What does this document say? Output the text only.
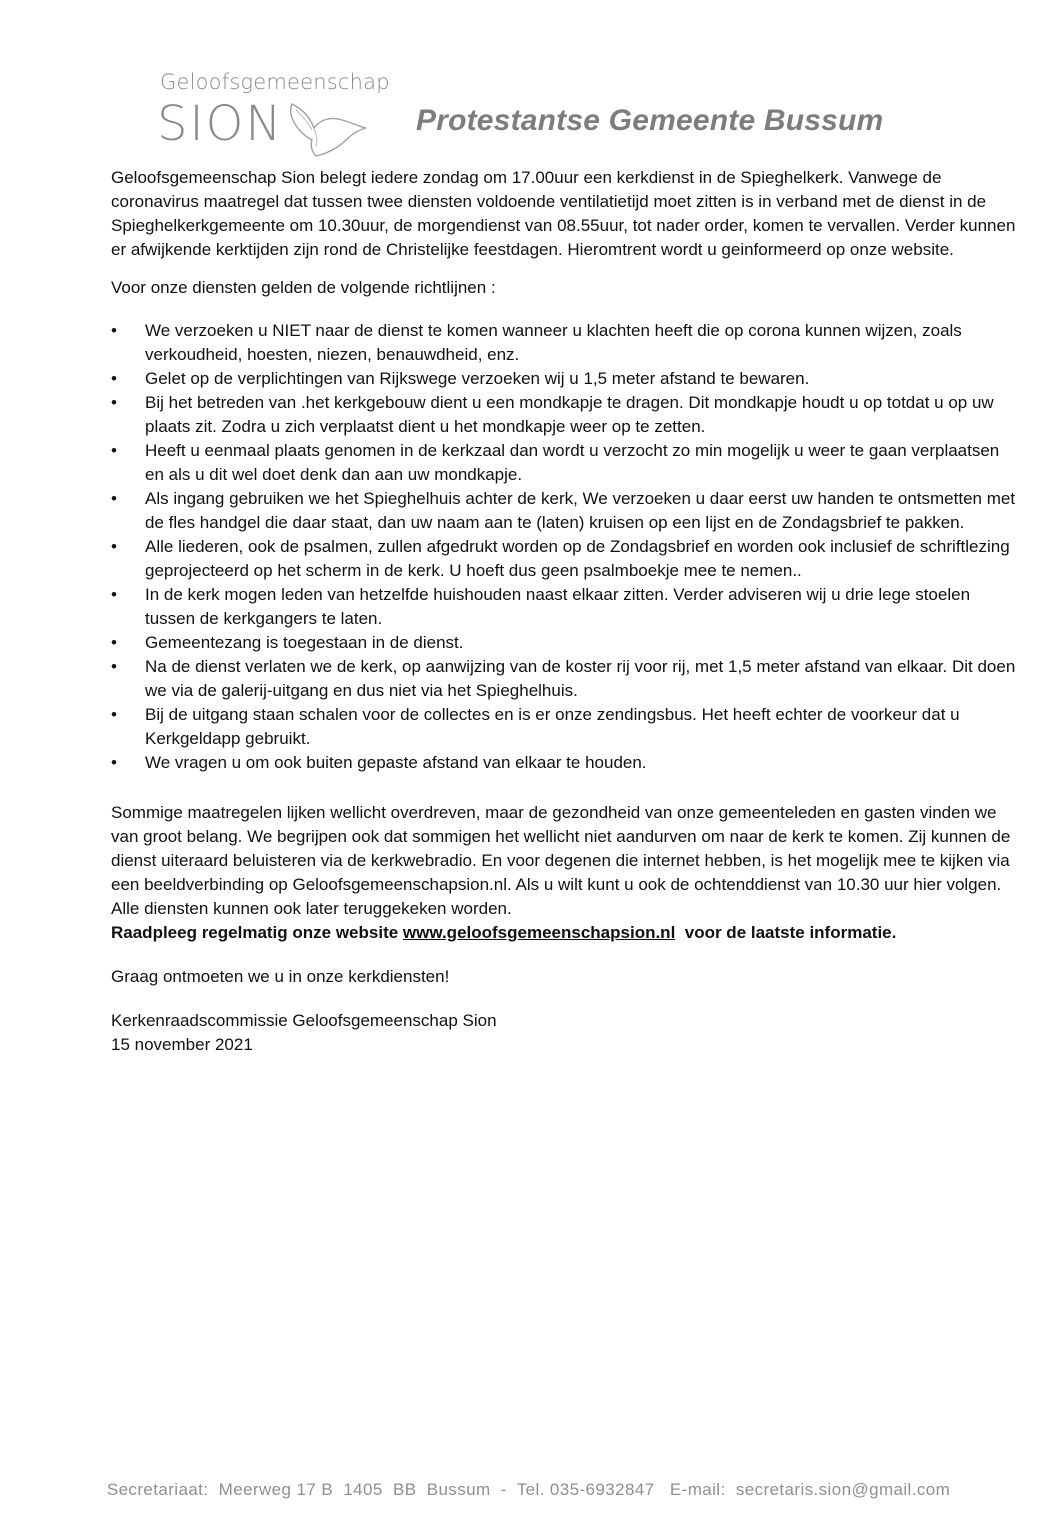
Geloofsgemeenschap
SION	Protestantse Gemeente Bussum

Geloofsgemeenschap Sion belegt iedere zondag om 17.00uur een kerkdienst in de Spieghelkerk. Vanwege de coronavirus maatregel dat tussen twee diensten voldoende ventilatietijd moet zitten is in verband met de dienst in de Spieghelkerkgemeente om 10.30uur, de morgendienst van 08.55uur, tot nader order, komen te vervallen. Verder kunnen er afwijkende kerktijden zijn rond de Christelijke feestdagen. Hieromtrent wordt u geinformeerd op onze website.

Voor onze diensten gelden de volgende richtlijnen :

•	We verzoeken u NIET naar de dienst te komen wanneer u klachten heeft die op corona kunnen wijzen, zoals verkoudheid, hoesten, niezen, benauwdheid, enz.
•	Gelet op de verplichtingen van Rijkswege verzoeken wij u 1,5 meter afstand te bewaren.
•	Bij het betreden van .het kerkgebouw dient u een mondkapje te dragen. Dit mondkapje houdt u op totdat u op uw plaats zit. Zodra u zich verplaatst dient u het mondkapje weer op te zetten.
•	Heeft u eenmaal plaats genomen in de kerkzaal dan wordt u verzocht zo min mogelijk u weer te gaan verplaatsen en als u dit wel doet denk dan aan uw mondkapje.
•	Als ingang gebruiken we het Spieghelhuis achter de kerk, We verzoeken u daar eerst uw handen te ontsmetten met de fles handgel die daar staat, dan uw naam aan te (laten) kruisen op een lijst en de Zondagsbrief te pakken.
•	Alle liederen, ook de psalmen, zullen afgedrukt worden op de Zondagsbrief en worden ook inclusief de schriftlezing geprojecteerd op het scherm in de kerk. U hoeft dus geen psalmboekje mee te nemen..
•	In de kerk mogen leden van hetzelfde huishouden naast elkaar zitten. Verder adviseren wij u drie lege stoelen tussen de kerkgangers te laten.
•	Gemeentezang is toegestaan in de dienst.
•	Na de dienst verlaten we de kerk, op aanwijzing van de koster rij voor rij, met 1,5 meter afstand van elkaar. Dit doen we via de galerij-uitgang en dus niet via het Spieghelhuis.
•	Bij de uitgang staan schalen voor de collectes en is er onze zendingsbus. Het heeft echter de voorkeur dat u Kerkgeldapp gebruikt.
•	We vragen u om ook buiten gepaste afstand van elkaar te houden.

Sommige maatregelen lijken wellicht overdreven, maar de gezondheid van onze gemeenteleden en gasten vinden we van groot belang. We begrijpen ook dat sommigen het wellicht niet aandurven om naar de kerk te komen. Zij kunnen de dienst uiteraard beluisteren via de kerkwebradio. En voor degenen die internet hebben, is het mogelijk mee te kijken via een beeldverbinding op Geloofsgemeenschapsion.nl. Als u wilt kunt u ook de ochtenddienst van 10.30 uur hier volgen. Alle diensten kunnen ook later teruggekeken worden.

Raadpleeg regelmatig onze website www.geloofsgemeenschapsion.nl  voor de laatste informatie.

Graag ontmoeten we u in onze kerkdiensten!

Kerkenraadscommissie Geloofsgemeenschap Sion

15 november 2021

Secretariaat:  Meerweg 17 B  1405  BB  Bussum  -  Tel. 035-6932847   E-mail:  secretaris.sion@gmail.com
